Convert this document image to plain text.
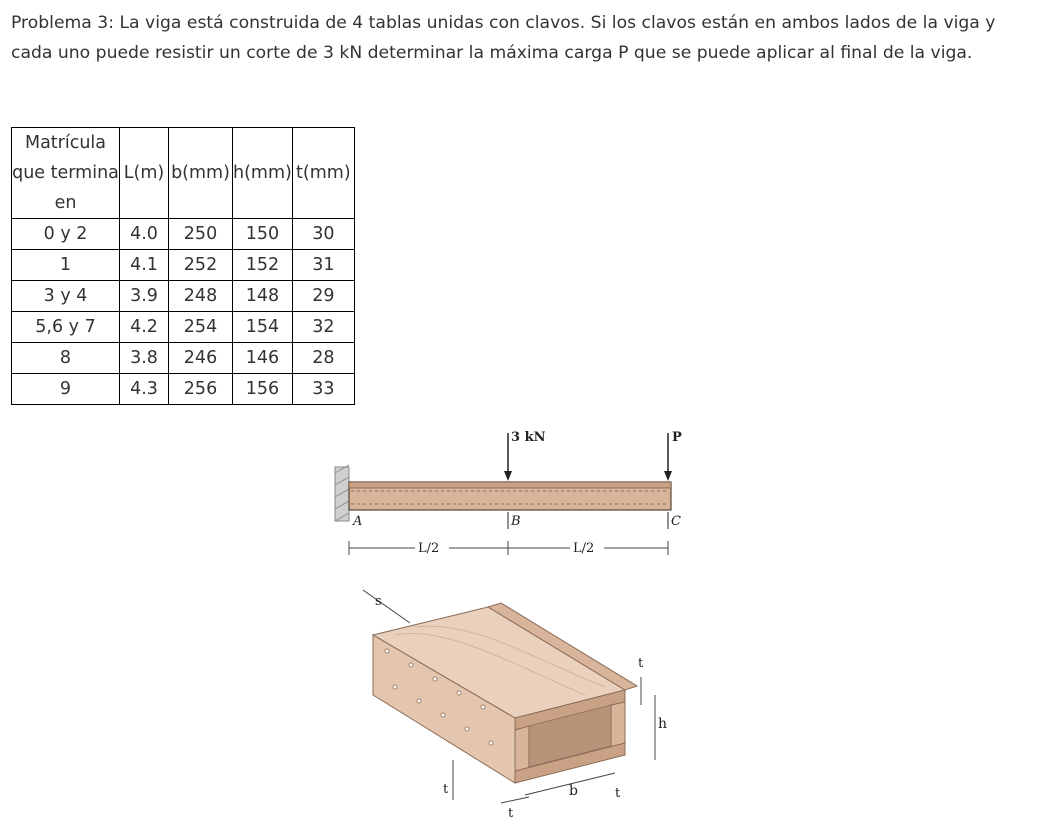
Problema 3: La viga está construida de 4 tablas unidas con clavos. Si los clavos están en ambos lados de la viga y cada uno puede resistir un corte de 3 kN determinar la máxima carga P que se puede aplicar al final de la viga.

Matrícula que termina en	L(m)	b(mm)	h(mm)	t(mm)
0 y 2	4.0	250	150	30
1	4.1	252	152	31
3 y 4	3.9	248	148	29
5,6 y 7	4.2	254	154	32
8	3.8	246	146	28
9	4.3	256	156	33
3 kN	P
A	B	C
L/2	L/2
s
t
h
b	t
t
t
